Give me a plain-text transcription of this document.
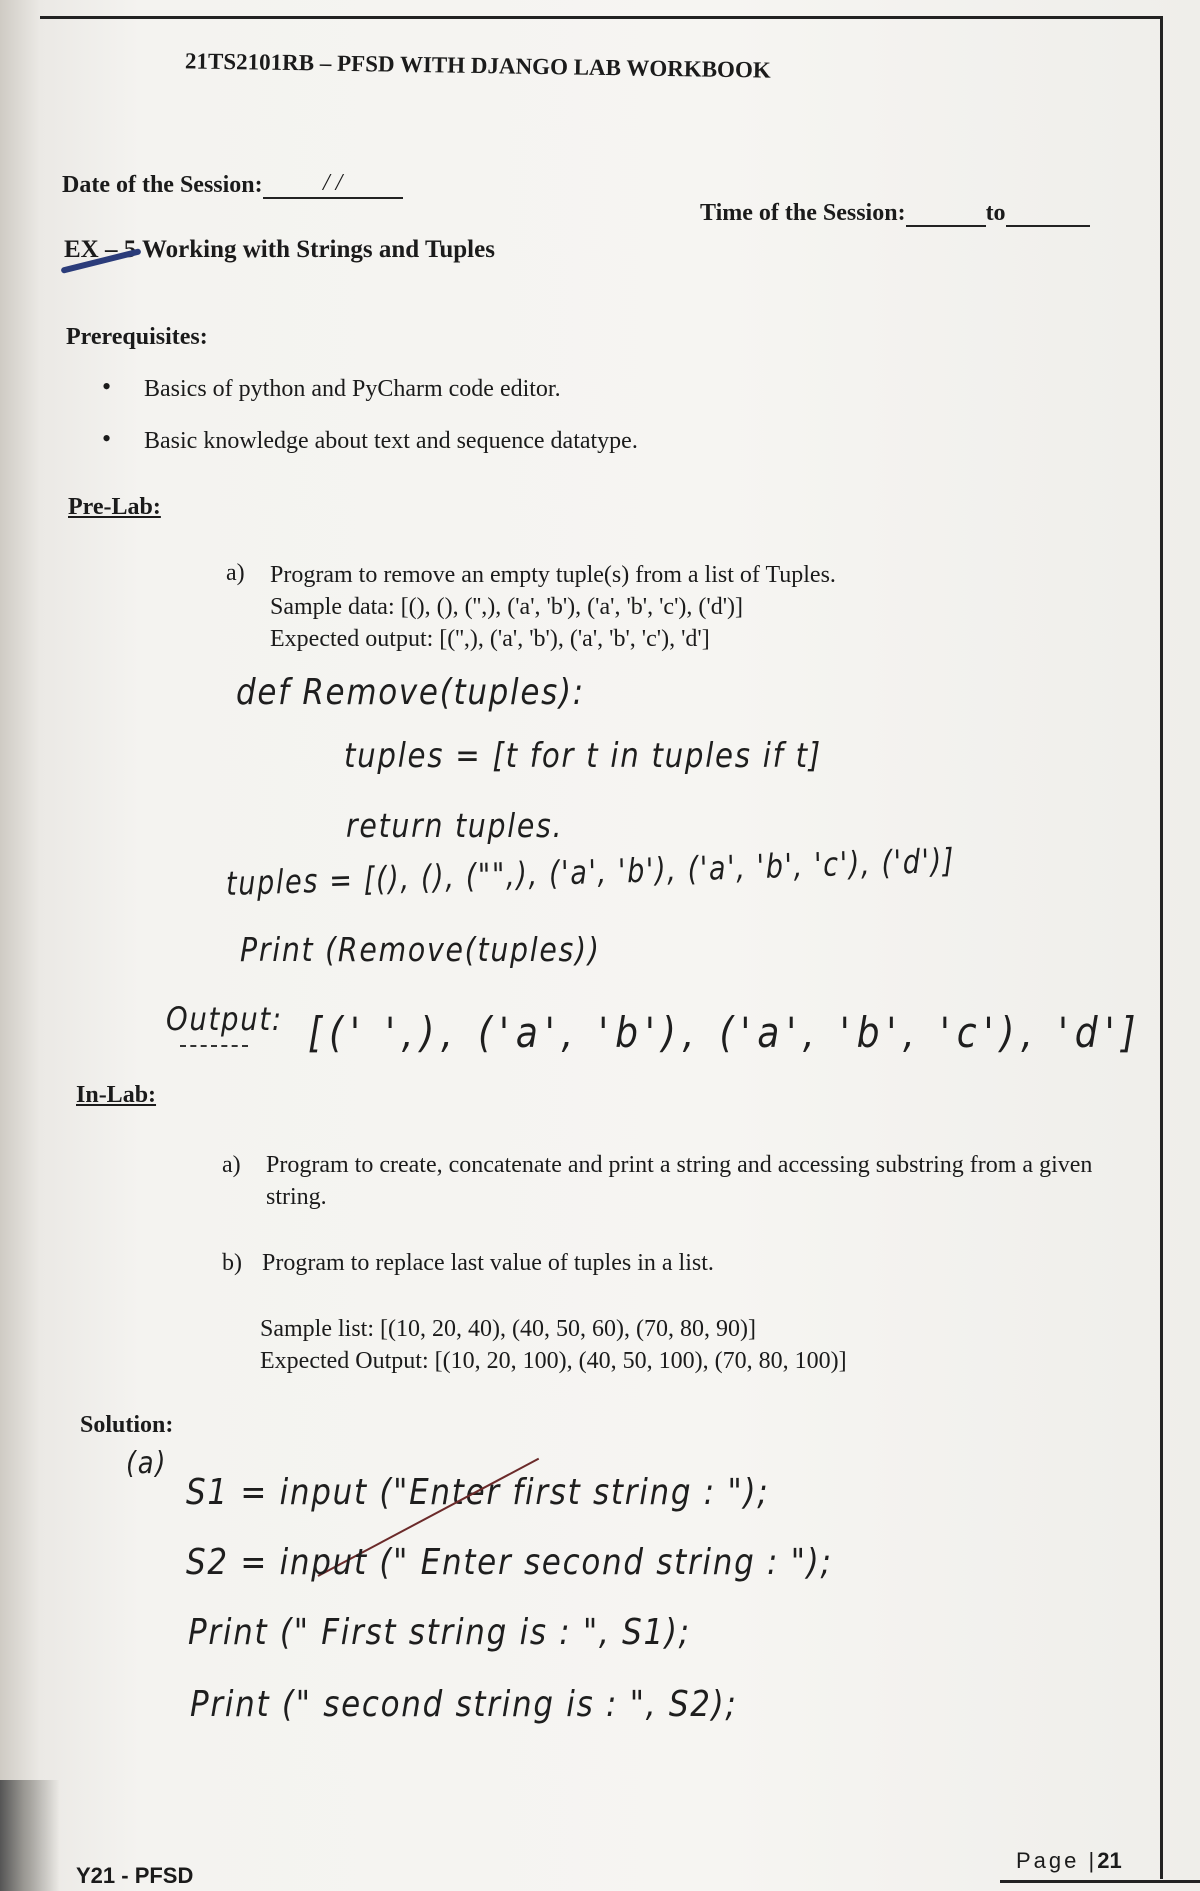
21TS2101RB – PFSD WITH DJANGO LAB WORKBOOK
Date of the Session:	/ /
Time of the Session:	to
EX – 5 Working with Strings and Tuples
Prerequisites:
• Basics of python and PyCharm code editor.
• Basic knowledge about text and sequence datatype.
Pre-Lab:
a) Program to remove an empty tuple(s) from a list of Tuples.
Sample data: [(), (), ('',), ('a', 'b'), ('a', 'b', 'c'), ('d')]
Expected output: [('',), ('a', 'b'), ('a', 'b', 'c'), 'd']
def Remove(tuples):
tuples = [t for t in tuples if t]
return tuples.
tuples = [(), (), ("",), ('a', 'b'), ('a', 'b', 'c'), ('d')]
Print (Remove(tuples))
Output: [(' ',), ('a', 'b'), ('a', 'b', 'c'), 'd']
In-Lab:
a) Program to create, concatenate and print a string and accessing substring from a given
string.
b) Program to replace last value of tuples in a list.
Sample list: [(10, 20, 40), (40, 50, 60), (70, 80, 90)]
Expected Output: [(10, 20, 100), (40, 50, 100), (70, 80, 100)]
Solution:
(a)
S1 = input ("Enter first string : ");
S2 = input (" Enter second string : ");
Print (" First string is : ", S1);
Print (" second string is : ", S2);
Y21 - PFSD
Page |21
